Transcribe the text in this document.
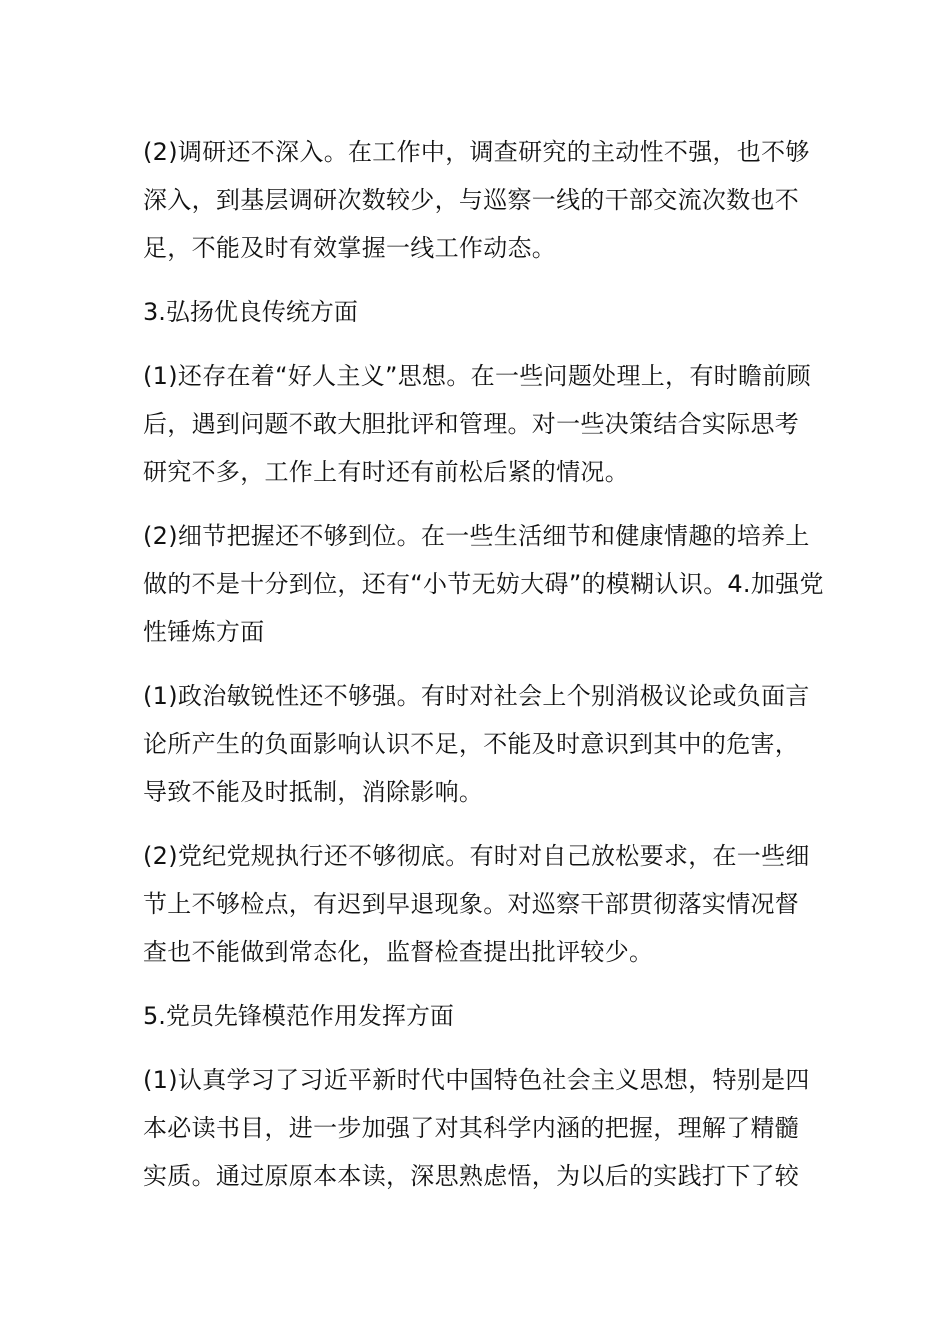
(2)调研还不深入。在工作中，调查研究的主动性不强，也不够
深入，到基层调研次数较少，与巡察一线的干部交流次数也不
足，不能及时有效掌握一线工作动态。
3.弘扬优良传统方面
(1)还存在着“好人主义”思想。在一些问题处理上，有时瞻前顾
后，遇到问题不敢大胆批评和管理。对一些决策结合实际思考
研究不多，工作上有时还有前松后紧的情况。
(2)细节把握还不够到位。在一些生活细节和健康情趣的培养上
做的不是十分到位，还有“小节无妨大碍”的模糊认识。4.加强党
性锤炼方面
(1)政治敏锐性还不够强。有时对社会上个别消极议论或负面言
论所产生的负面影响认识不足，不能及时意识到其中的危害，
导致不能及时抵制，消除影响。
(2)党纪党规执行还不够彻底。有时对自己放松要求，在一些细
节上不够检点，有迟到早退现象。对巡察干部贯彻落实情况督
查也不能做到常态化，监督检查提出批评较少。
5.党员先锋模范作用发挥方面
(1)认真学习了习近平新时代中国特色社会主义思想，特别是四
本必读书目，进一步加强了对其科学内涵的把握，理解了精髓
实质。通过原原本本读，深思熟虑悟，为以后的实践打下了较
